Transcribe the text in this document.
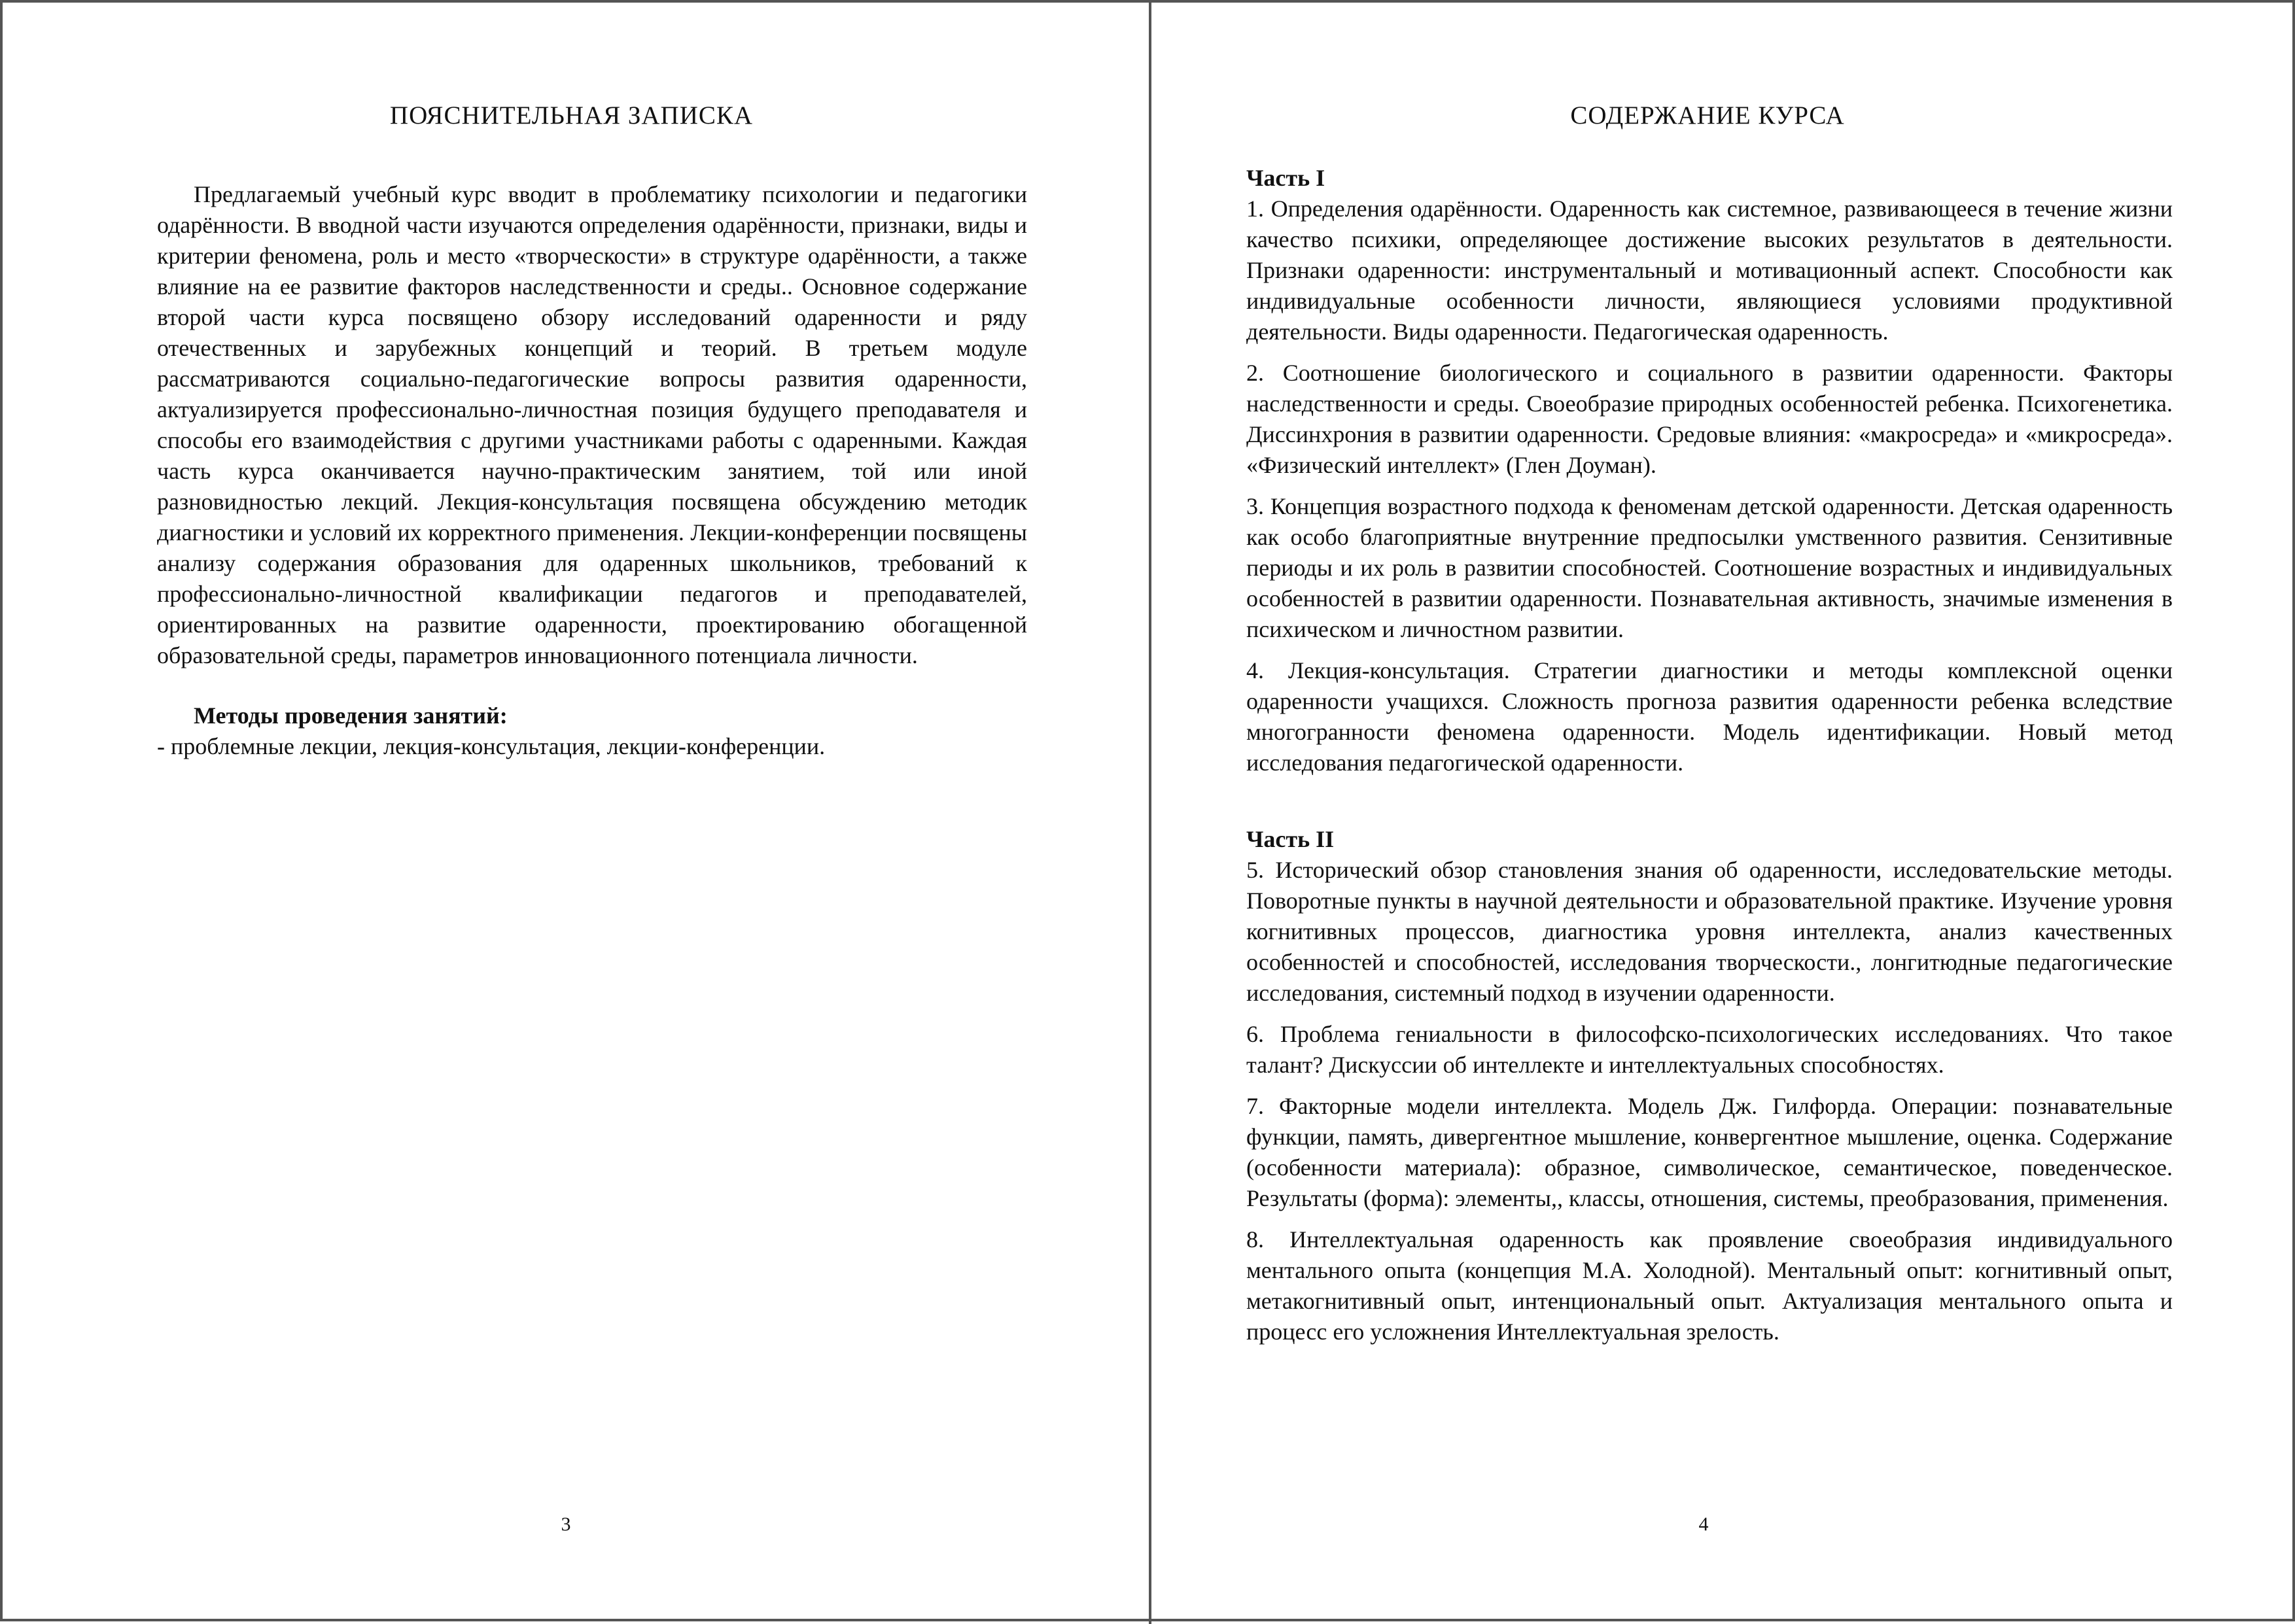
ПОЯСНИТЕЛЬНАЯ ЗАПИСКА

Предлагаемый учебный курс вводит в проблематику психологии и педагогики одарённости. В вводной части изучаются определения одарённости, признаки, виды и критерии феномена, роль и место «творческости» в структуре одарённости, а также влияние на ее развитие факторов наследственности и среды.. Основное содержание второй части курса посвящено обзору исследований одаренности и ряду отечественных и зарубежных концепций и теорий. В третьем модуле рассматриваются социально-педагогические вопросы развития одаренности, актуализируется профессионально-личностная позиция будущего преподавателя и способы его взаимодействия с другими участниками работы с одаренными. Каждая часть курса оканчивается научно-практическим занятием, той или иной разновидностью лекций. Лекция-консультация посвящена обсуждению методик диагностики и условий их корректного применения. Лекции-конференции посвящены анализу содержания образования для одаренных школьников, требований к профессионально-личностной квалификации педагогов и преподавателей, ориентированных на развитие одаренности, проектированию обогащенной образовательной среды, параметров инновационного потенциала личности.

Методы проведения занятий:

- проблемные лекции, лекция-консультация, лекции-конференции.

3
СОДЕРЖАНИЕ КУРСА

Часть I

1. Определения одарённости. Одаренность как системное, развивающееся в течение жизни качество психики, определяющее достижение высоких результатов в деятельности. Признаки одаренности: инструментальный и мотивационный аспект. Способности как индивидуальные особенности личности, являющиеся условиями продуктивной деятельности. Виды одаренности. Педагогическая одаренность.

2. Соотношение биологического и социального в развитии одаренности. Факторы наследственности и среды. Своеобразие природных особенностей ребенка. Психогенетика. Диссинхрония в развитии одаренности. Средовые влияния: «макросреда» и «микросреда». «Физический интеллект» (Глен Доуман).

3. Концепция возрастного подхода к феноменам детской одаренности. Детская одаренность как особо благоприятные внутренние предпосылки умственного развития. Сензитивные периоды и их роль в развитии способностей. Соотношение возрастных и индивидуальных особенностей в развитии одаренности. Познавательная активность, значимые изменения в психическом и личностном развитии.

4. Лекция-консультация. Стратегии диагностики и методы комплексной оценки одаренности учащихся. Сложность прогноза развития одаренности ребенка вследствие многогранности феномена одаренности. Модель идентификации. Новый метод исследования педагогической одаренности.

Часть II

5. Исторический обзор становления знания об одаренности, исследовательские методы. Поворотные пункты в научной деятельности и образовательной практике. Изучение уровня когнитивных процессов, диагностика уровня интеллекта, анализ качественных особенностей и способностей, исследования творческости., лонгитюдные педагогические исследования, системный подход в изучении одаренности.

6. Проблема гениальности в философско-психологических исследованиях. Что такое талант? Дискуссии об интеллекте и интеллектуальных способностях.

7. Факторные модели интеллекта. Модель Дж. Гилфорда. Операции: познавательные функции, память, дивергентное мышление, конвергентное мышление, оценка. Содержание (особенности материала): образное, символическое, семантическое, поведенческое. Результаты (форма): элементы,, классы, отношения, системы, преобразования, применения.

8. Интеллектуальная одаренность как проявление своеобразия индивидуального ментального опыта (концепция М.А. Холодной). Ментальный опыт: когнитивный опыт, метакогнитивный опыт, интенциональный опыт. Актуализация ментального опыта и процесс его усложнения Интеллектуальная зрелость.

4
